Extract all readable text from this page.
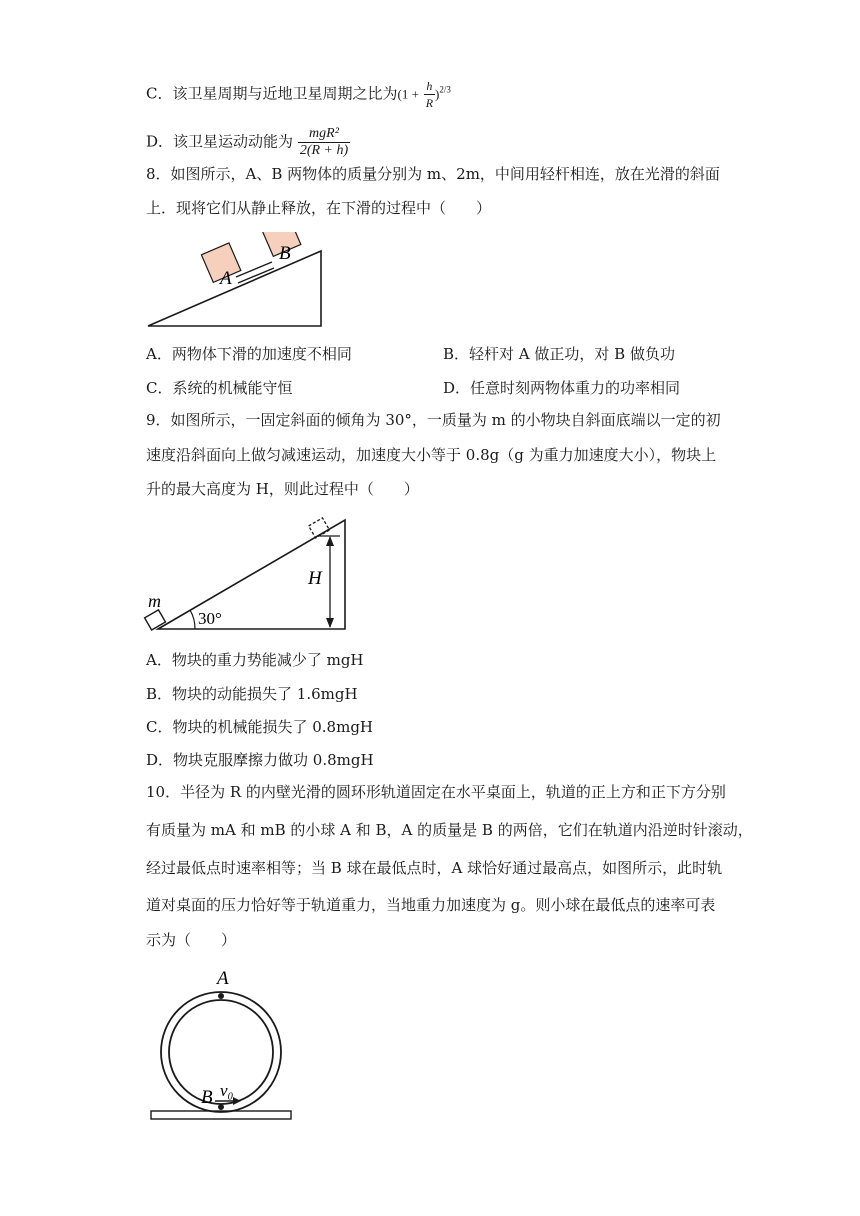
C．该卫星周期与近地卫星周期之比为$(1 + \frac{h}{R} )^{2/3}$
D．该卫星运动动能为 $\frac{\text{mgR²}}{2(R + h)}$
8．如图所示，A、B 两物体的质量分别为 m、2m，中间用轻杆相连，放在光滑的斜面
上．现将它们从静止释放，在下滑的过程中（　　）
A
B
A．两物体下滑的加速度不相同	B．轻杆对 A 做正功，对 B 做负功
C．系统的机械能守恒	D．任意时刻两物体重力的功率相同
9．如图所示，一固定斜面的倾角为 30°，一质量为 m 的小物块自斜面底端以一定的初
速度沿斜面向上做匀减速运动，加速度大小等于 0.8g（g 为重力加速度大小），物块上
升的最大高度为 H，则此过程中（　　）
m
30°
H
A．物块的重力势能减少了 mgH
B．物块的动能损失了 1.6mgH
C．物块的机械能损失了 0.8mgH
D．物块克服摩擦力做功 0.8mgH
10．半径为 R 的内壁光滑的圆环形轨道固定在水平桌面上，轨道的正上方和正下方分别
有质量为 mA 和 mB 的小球 A 和 B，A 的质量是 B 的两倍，它们在轨道内沿逆时针滚动，
经过最低点时速率相等；当 B 球在最低点时，A 球恰好通过最高点，如图所示，此时轨
道对桌面的压力恰好等于轨道重力，当地重力加速度为 g。则小球在最低点的速率可表
示为（　　）
A
B v₀
